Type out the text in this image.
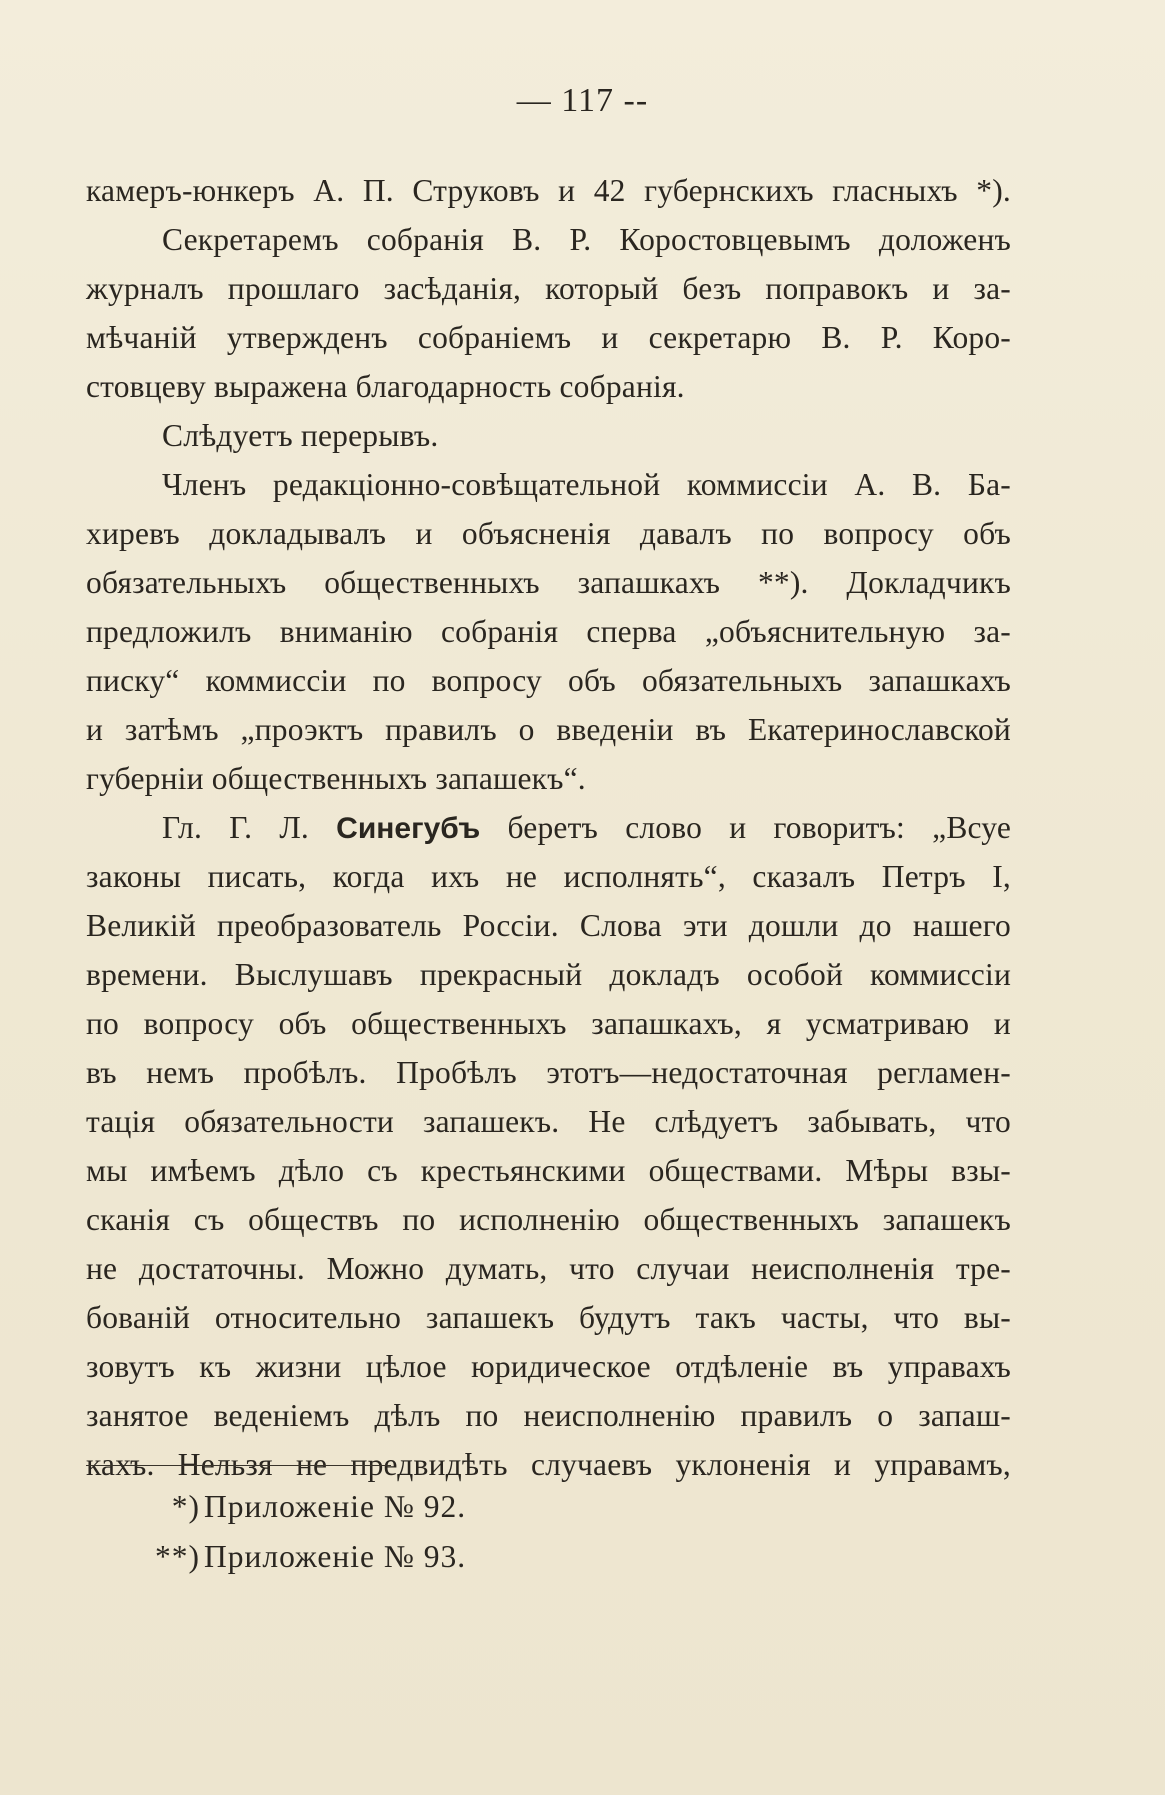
— 117 --
камеръ-юнкеръ А. П. Струковъ и 42 губернскихъ гласныхъ *).
Секретаремъ собранія В. Р. Коростовцевымъ доложенъ
журналъ прошлаго засѣданія, который безъ поправокъ и за-
мѣчаній утвержденъ собраніемъ и секретарю В. Р. Коро-
стовцеву выражена благодарность собранія.
Слѣдуетъ перерывъ.
Членъ редакціонно-совѣщательной коммиссіи А. В. Ба-
хиревъ докладывалъ и объясненія давалъ по вопросу объ
обязательныхъ общественныхъ запашкахъ **). Докладчикъ
предложилъ вниманію собранія сперва „объяснительную за-
писку“ коммиссіи по вопросу объ обязательныхъ запашкахъ
и затѣмъ „проэктъ правилъ о введеніи въ Екатеринославской
губерніи общественныхъ запашекъ“.
Гл. Г. Л. Синегубъ беретъ слово и говоритъ: „Всуе
законы писать, когда ихъ не исполнять“, сказалъ Петръ I,
Великій преобразователь Россіи. Слова эти дошли до нашего
времени. Выслушавъ прекрасный докладъ особой коммиссіи
по вопросу объ общественныхъ запашкахъ, я усматриваю и
въ немъ пробѣлъ. Пробѣлъ этотъ—недостаточная регламен-
тація обязательности запашекъ. Не слѣдуетъ забывать, что
мы имѣемъ дѣло съ крестьянскими обществами. Мѣры взы-
сканія съ обществъ по исполненію общественныхъ запашекъ
не достаточны. Можно думать, что случаи неисполненія тре-
бованій относительно запашекъ будутъ такъ часты, что вы-
зовутъ къ жизни цѣлое юридическое отдѣленіе въ управахъ
занятое веденіемъ дѣлъ по неисполненію правилъ о запаш-
кахъ. Нельзя не предвидѣть случаевъ уклоненія и управамъ,
*) Приложеніе № 92.
**) Приложеніе № 93.
